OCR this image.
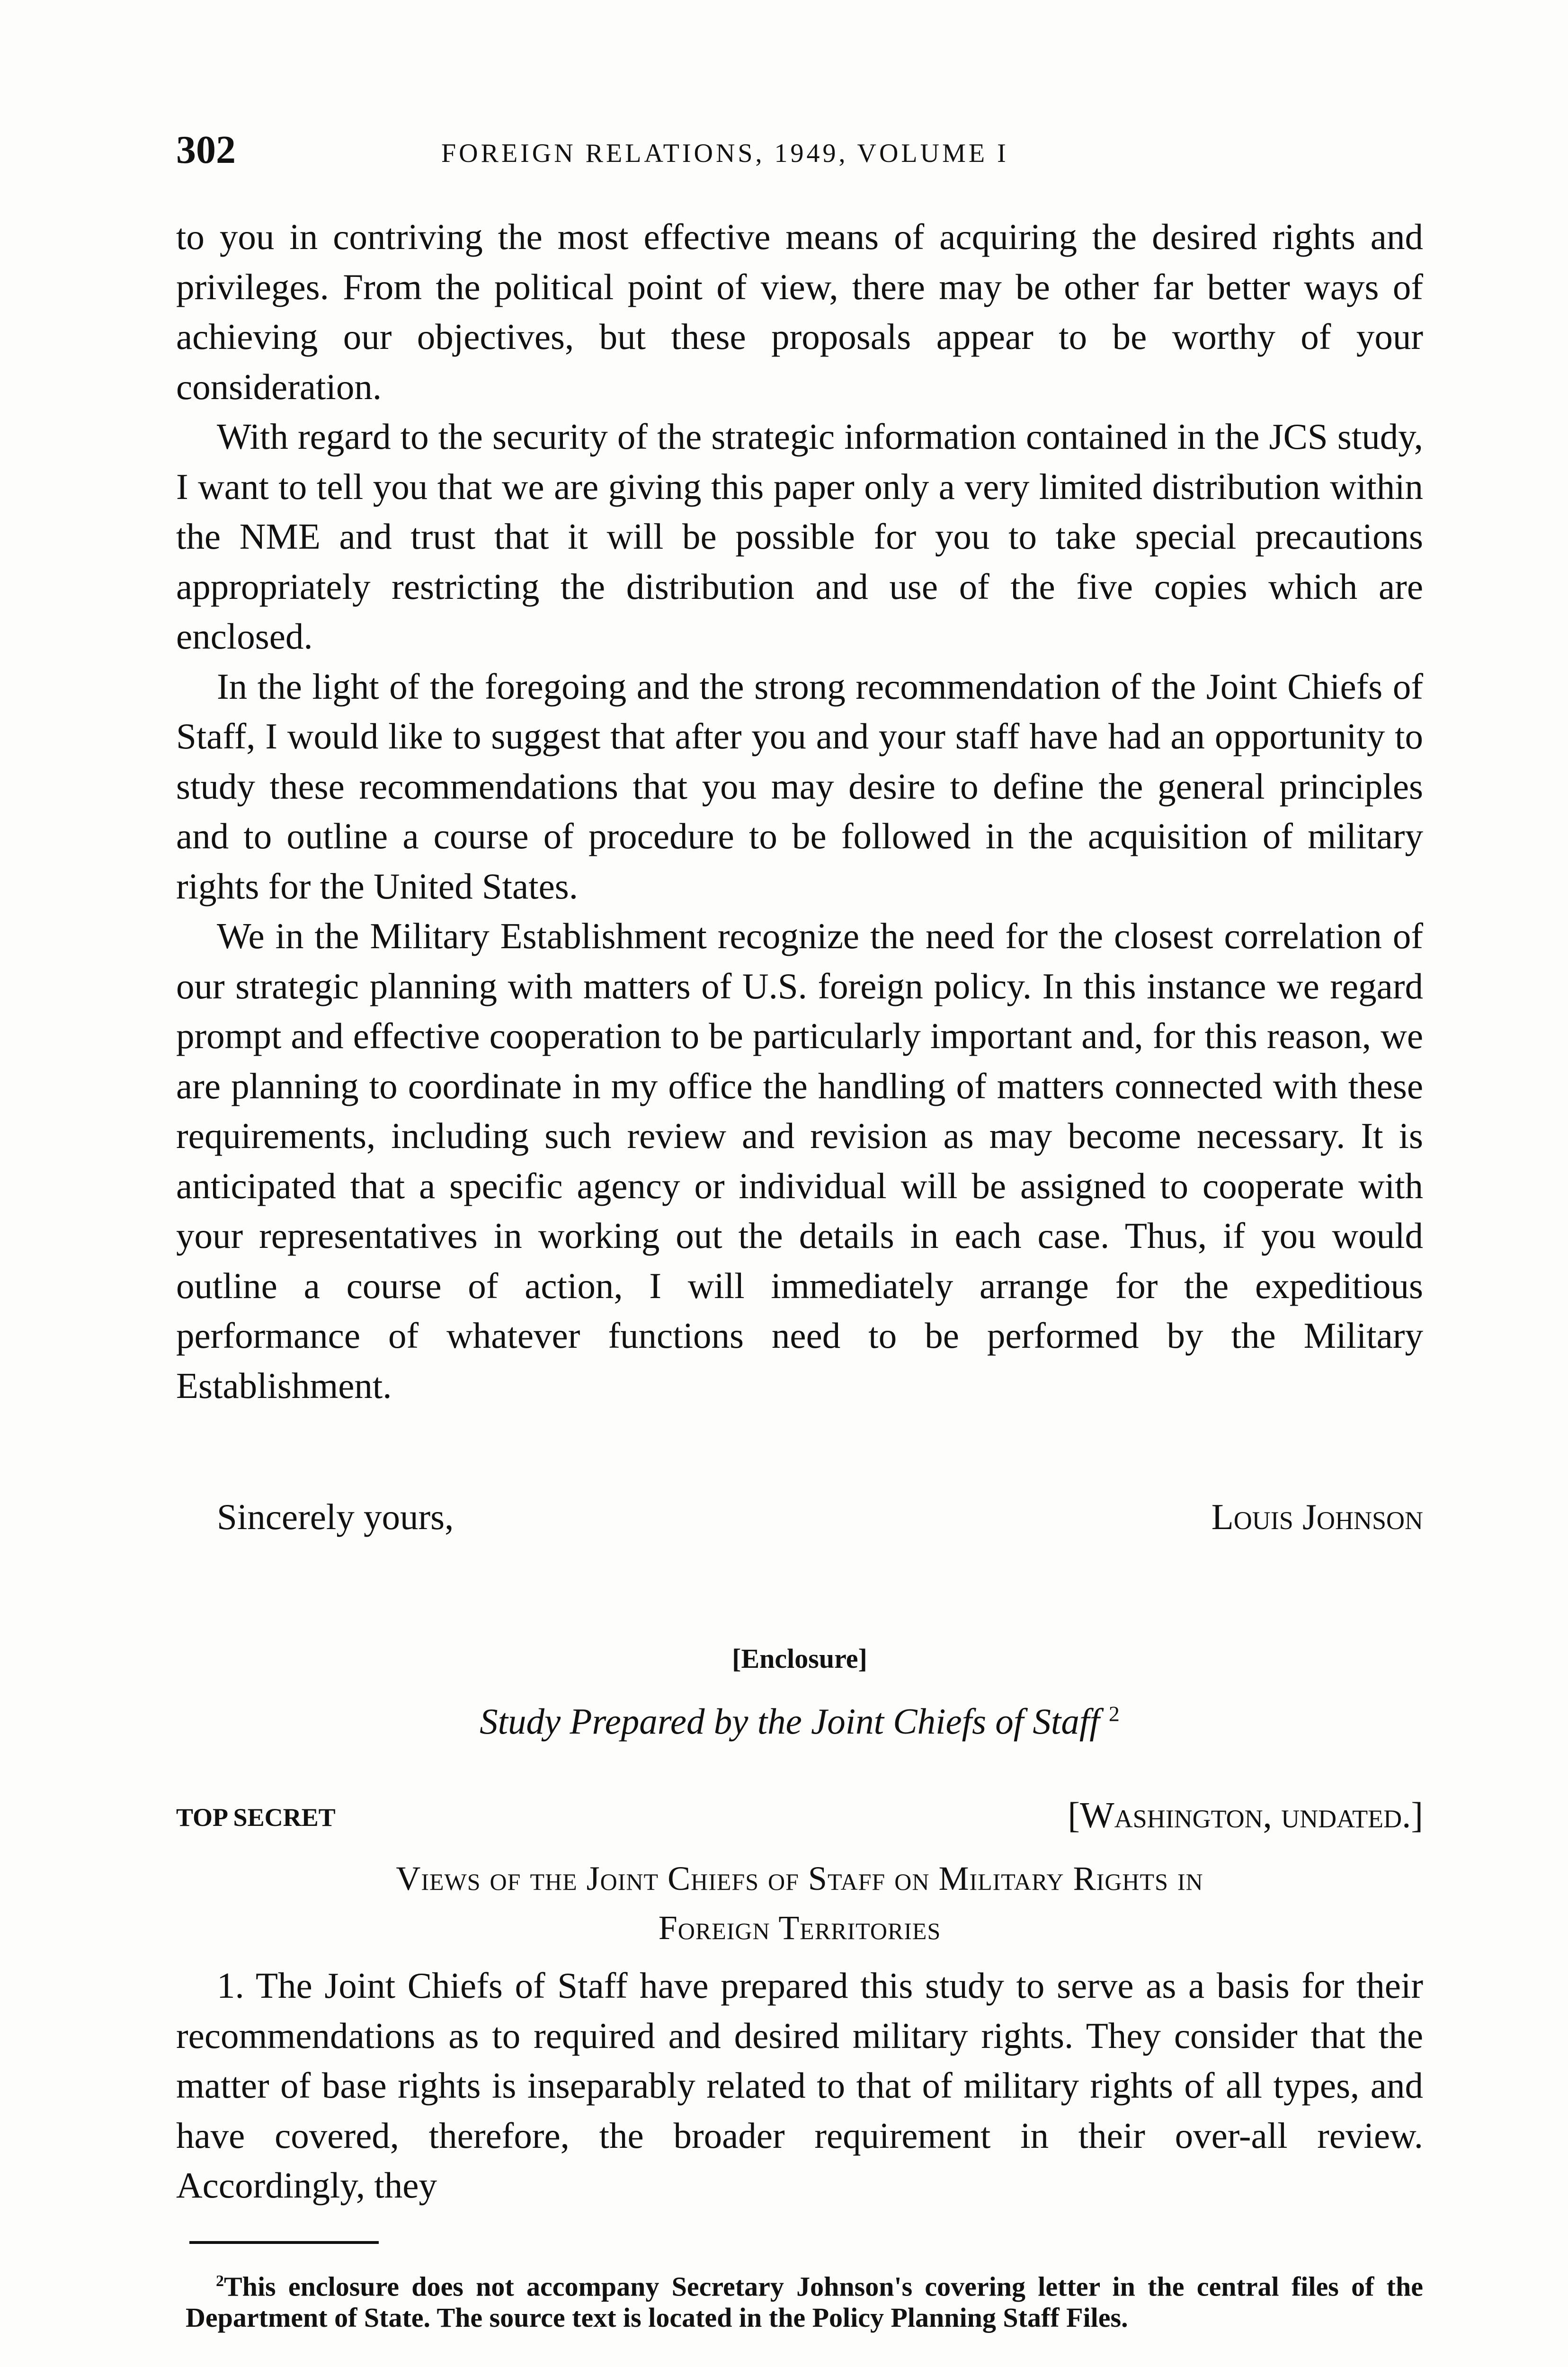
302	FOREIGN RELATIONS, 1949, VOLUME I

to you in contriving the most effective means of acquiring the desired rights and privileges. From the political point of view, there may be other far better ways of achieving our objectives, but these proposals appear to be worthy of your consideration.

With regard to the security of the strategic information contained in the JCS study, I want to tell you that we are giving this paper only a very limited distribution within the NME and trust that it will be possible for you to take special precautions appropriately restricting the distribution and use of the five copies which are enclosed.

In the light of the foregoing and the strong recommendation of the Joint Chiefs of Staff, I would like to suggest that after you and your staff have had an opportunity to study these recommendations that you may desire to define the general principles and to outline a course of procedure to be followed in the acquisition of military rights for the United States.

We in the Military Establishment recognize the need for the closest correlation of our strategic planning with matters of U.S. foreign policy. In this instance we regard prompt and effective cooperation to be particularly important and, for this reason, we are planning to coordinate in my office the handling of matters connected with these requirements, including such review and revision as may become necessary. It is anticipated that a specific agency or individual will be assigned to cooperate with your representatives in working out the details in each case. Thus, if you would outline a course of action, I will immediately arrange for the expeditious performance of whatever functions need to be performed by the Military Establishment.

Sincerely yours,	Louis Johnson
[Enclosure]
Study Prepared by the Joint Chiefs of Staff $^2$
TOP SECRET	[Washington, undated.]
Views of the Joint Chiefs of Staff on Military Rights in
Foreign Territories

1. The Joint Chiefs of Staff have prepared this study to serve as a basis for their recommendations as to required and desired military rights. They consider that the matter of base rights is inseparably related to that of military rights of all types, and have covered, therefore, the broader requirement in their over-all review. Accordingly, they

$^2$This enclosure does not accompany Secretary Johnson's covering letter in the central files of the Department of State. The source text is located in the Policy Planning Staff Files.
